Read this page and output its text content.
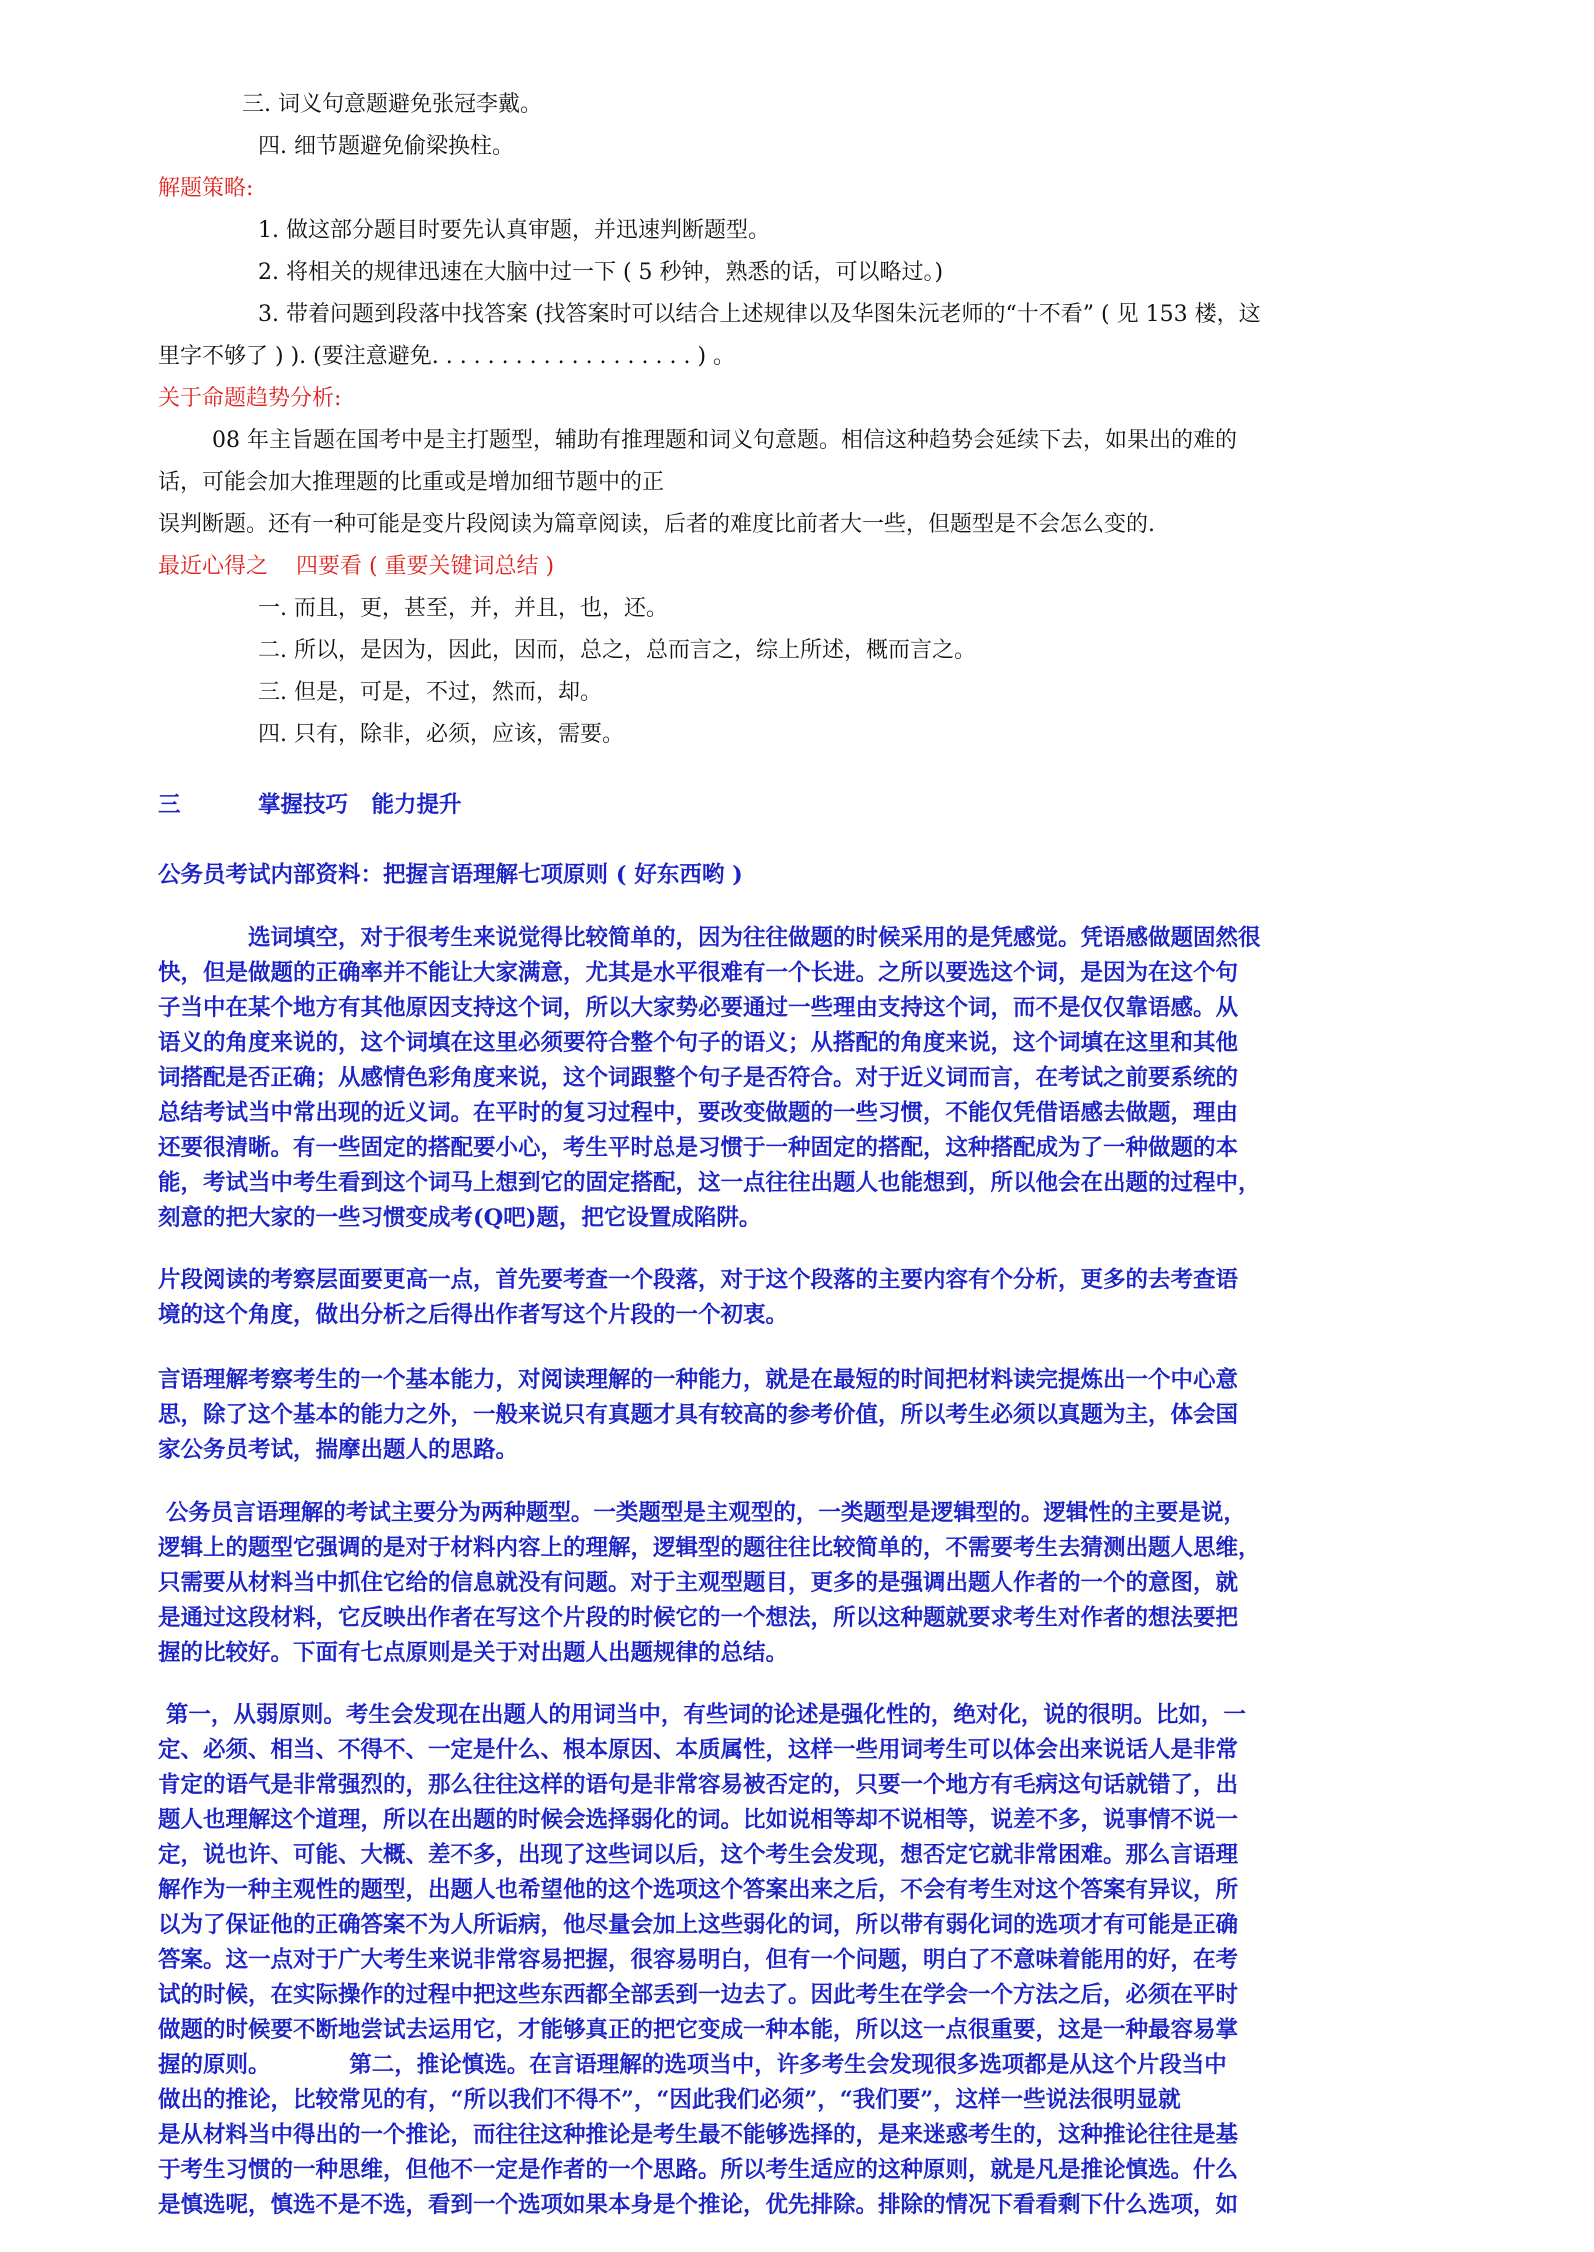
三. 词义句意题避免张冠李戴。
四. 细节题避免偷梁换柱。
解题策略:
1. 做这部分题目时要先认真审题，并迅速判断题型。
2. 将相关的规律迅速在大脑中过一下 ( 5 秒钟，熟悉的话，可以略过。)
3. 带着问题到段落中找答案 (找答案时可以结合上述规律以及华图朱沅老师的“十不看” ( 见 153 楼，这
里字不够了 ) ). (要注意避免. . . . . . . . . . . . . . . . . . . ) 。
关于命题趋势分析:
08 年主旨题在国考中是主打题型，辅助有推理题和词义句意题。相信这种趋势会延续下去，如果出的难的
话，可能会加大推理题的比重或是增加细节题中的正
误判断题。还有一种可能是变片段阅读为篇章阅读，后者的难度比前者大一些，但题型是不会怎么变的.
最近心得之    四要看 ( 重要关键词总结 )
一. 而且，更，甚至，并，并且，也，还。
二. 所以，是因为，因此，因而，总之，总而言之，综上所述，概而言之。
三. 但是，可是，不过，然而，却。
四. 只有，除非，必须，应该，需要。
三	掌握技巧   能力提升
公务员考试内部资料：把握言语理解七项原则 ( 好东西哟 )
　　　　选词填空，对于很考生来说觉得比较简单的，因为往往做题的时候采用的是凭感觉。凭语感做题固然很
快，但是做题的正确率并不能让大家满意，尤其是水平很难有一个长进。之所以要选这个词，是因为在这个句
子当中在某个地方有其他原因支持这个词，所以大家势必要通过一些理由支持这个词，而不是仅仅靠语感。从
语义的角度来说的，这个词填在这里必须要符合整个句子的语义；从搭配的角度来说，这个词填在这里和其他
词搭配是否正确；从感情色彩角度来说，这个词跟整个句子是否符合。对于近义词而言，在考试之前要系统的
总结考试当中常出现的近义词。在平时的复习过程中，要改变做题的一些习惯，不能仅凭借语感去做题，理由
还要很清晰。有一些固定的搭配要小心，考生平时总是习惯于一种固定的搭配，这种搭配成为了一种做题的本
能，考试当中考生看到这个词马上想到它的固定搭配，这一点往往出题人也能想到，所以他会在出题的过程中，
刻意的把大家的一些习惯变成考(Q吧)题，把它设置成陷阱。
片段阅读的考察层面要更高一点，首先要考查一个段落，对于这个段落的主要内容有个分析，更多的去考查语
境的这个角度，做出分析之后得出作者写这个片段的一个初衷。
言语理解考察考生的一个基本能力，对阅读理解的一种能力，就是在最短的时间把材料读完提炼出一个中心意
思，除了这个基本的能力之外，一般来说只有真题才具有较高的参考价值，所以考生必须以真题为主，体会国
家公务员考试，揣摩出题人的思路。
公务员言语理解的考试主要分为两种题型。一类题型是主观型的，一类题型是逻辑型的。逻辑性的主要是说，
逻辑上的题型它强调的是对于材料内容上的理解，逻辑型的题往往比较简单的，不需要考生去猜测出题人思维，
只需要从材料当中抓住它给的信息就没有问题。对于主观型题目，更多的是强调出题人作者的一个的意图，就
是通过这段材料，它反映出作者在写这个片段的时候它的一个想法，所以这种题就要求考生对作者的想法要把
握的比较好。下面有七点原则是关于对出题人出题规律的总结。
第一，从弱原则。考生会发现在出题人的用词当中，有些词的论述是强化性的，绝对化，说的很明。比如，一
定、必须、相当、不得不、一定是什么、根本原因、本质属性，这样一些用词考生可以体会出来说话人是非常
肯定的语气是非常强烈的，那么往往这样的语句是非常容易被否定的，只要一个地方有毛病这句话就错了，出
题人也理解这个道理，所以在出题的时候会选择弱化的词。比如说相等却不说相等，说差不多，说事情不说一
定，说也许、可能、大概、差不多，出现了这些词以后，这个考生会发现，想否定它就非常困难。那么言语理
解作为一种主观性的题型，出题人也希望他的这个选项这个答案出来之后，不会有考生对这个答案有异议，所
以为了保证他的正确答案不为人所诟病，他尽量会加上这些弱化的词，所以带有弱化词的选项才有可能是正确
答案。这一点对于广大考生来说非常容易把握，很容易明白，但有一个问题，明白了不意味着能用的好，在考
试的时候，在实际操作的过程中把这些东西都全部丢到一边去了。因此考生在学会一个方法之后，必须在平时
做题的时候要不断地尝试去运用它，才能够真正的把它变成一种本能，所以这一点很重要，这是一种最容易掌
握的原则。　　　　第二，推论慎选。在言语理解的选项当中，许多考生会发现很多选项都是从这个片段当中
做出的推论，比较常见的有，“所以我们不得不”，“因此我们必须”，“我们要”，这样一些说法很明显就
是从材料当中得出的一个推论，而往往这种推论是考生最不能够选择的，是来迷惑考生的，这种推论往往是基
于考生习惯的一种思维，但他不一定是作者的一个思路。所以考生适应的这种原则，就是凡是推论慎选。什么
是慎选呢，慎选不是不选，看到一个选项如果本身是个推论，优先排除。排除的情况下看看剩下什么选项，如
